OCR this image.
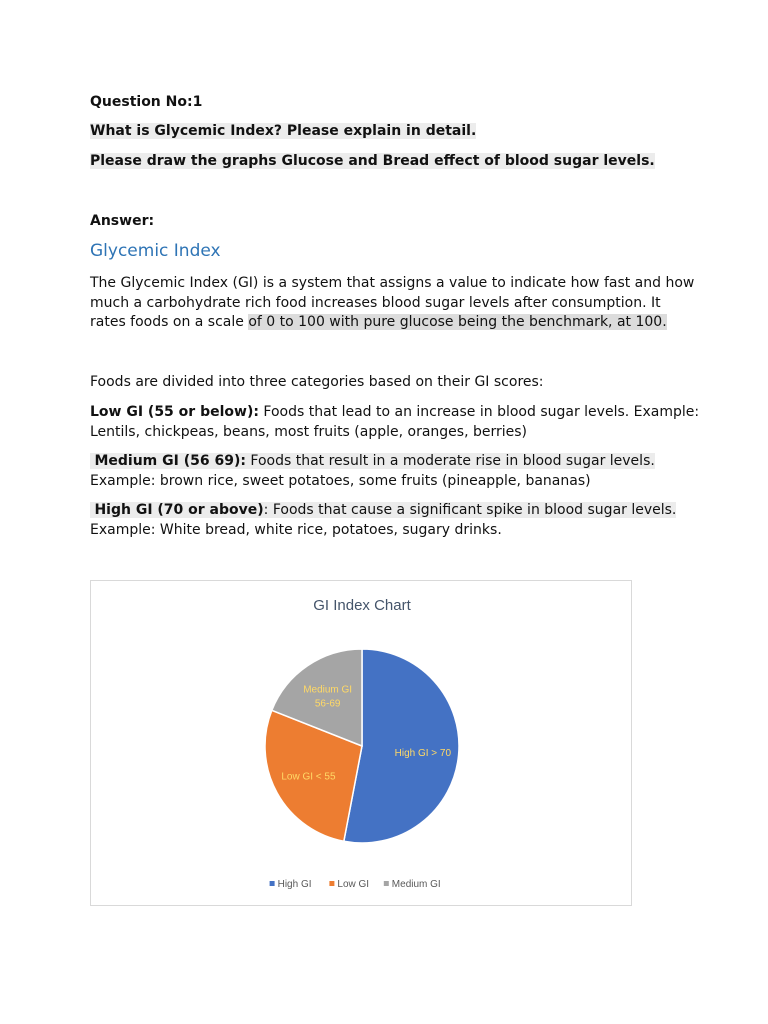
Question No:1
What is Glycemic Index? Please explain in detail.
Please draw the graphs Glucose and Bread effect of blood sugar levels.
Answer:
Glycemic Index
The Glycemic Index (GI) is a system that assigns a value to indicate how fast and how
much a carbohydrate rich food increases blood sugar levels after consumption. It
rates foods on a scale of 0 to 100 with pure glucose being the benchmark, at 100.
Foods are divided into three categories based on their GI scores:
Low GI (55 or below): Foods that lead to an increase in blood sugar levels. Example:
Lentils, chickpeas, beans, most fruits (apple, oranges, berries)
Medium GI (56 69): Foods that result in a moderate rise in blood sugar levels.
Example: brown rice, sweet potatoes, some fruits (pineapple, bananas)
High GI (70 or above): Foods that cause a significant spike in blood sugar levels.
Example: White bread, white rice, potatoes, sugary drinks.
GI Index Chart
High GI > 70
Low GI < 55
Medium GI 56-69
High GI	Low GI Medium GI
